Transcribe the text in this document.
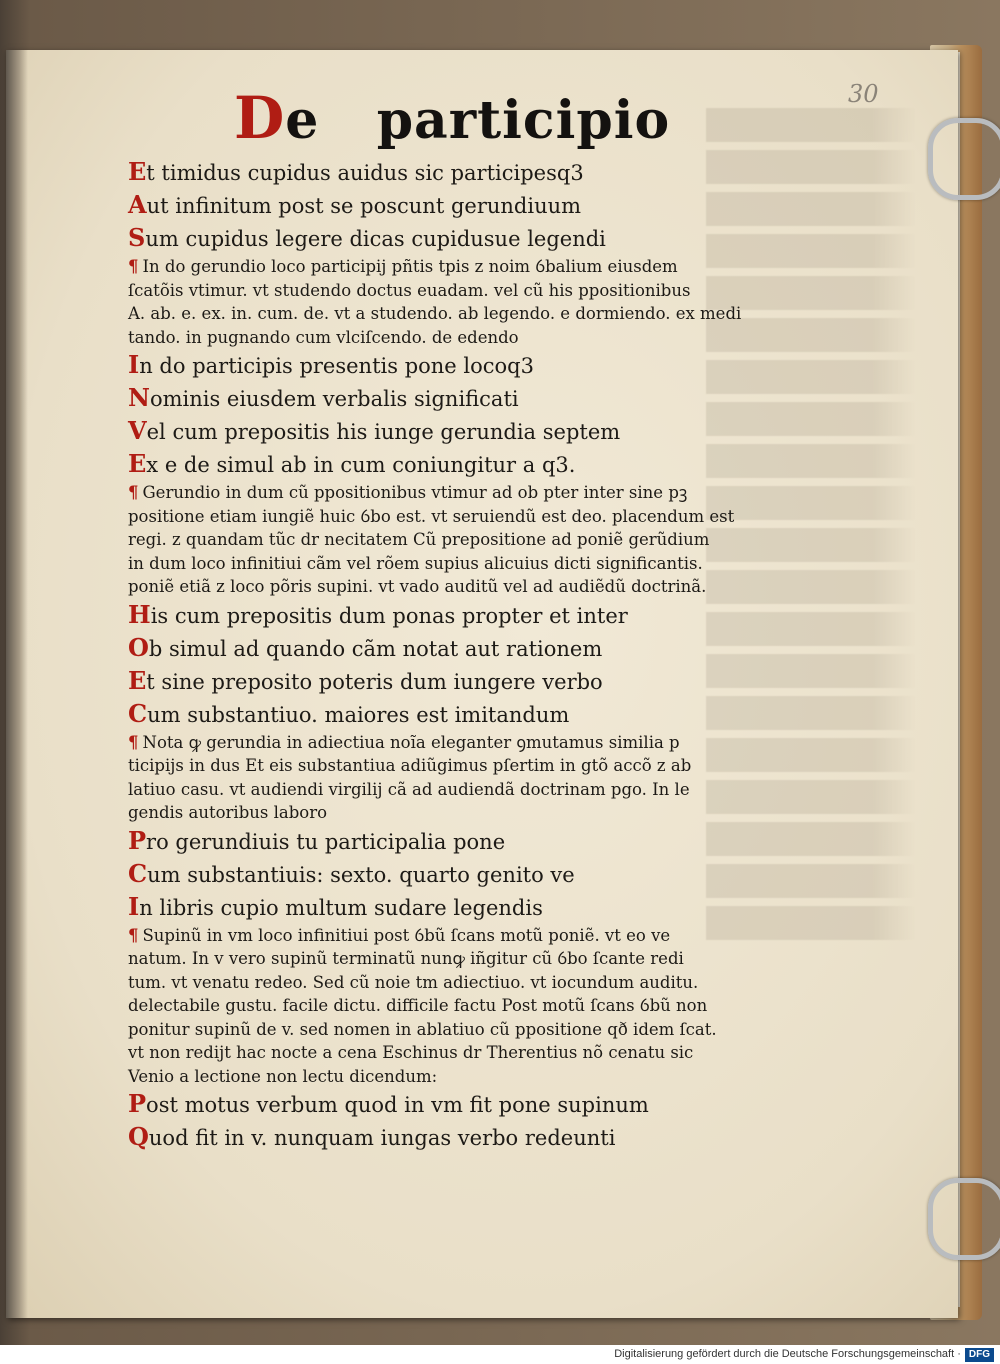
30
De   participio
Et timidus cupidus auidus sic participesq3
Aut infinitum post se poscunt gerundiuum
Sum cupidus legere dicas cupidusue legendi
¶ In do gerundio loco participij pñtis tpis z noim ỽbalium eiusdem
ſcatõis vtimur. vt studendo doctus euadam. vel cũ his ppositionibus
A. ab. e. ex. in. cum. de. vt a studendo. ab legendo. e dormiendo. ex medi
tando. in pugnando cum vlciſcendo. de edendo
In do participis presentis pone locoq3
Nominis eiusdem verbalis significati
Vel cum prepositis his iunge gerundia septem
Ex e de simul ab in cum coniungitur a q3.
¶ Gerundio in dum cũ ppositionibus vtimur ad ob pter inter sine pꝫ
positione etiam iungiẽ huic ỽbo est. vt seruiendũ est deo. placendum est
regi. z quandam tũc dr necitatem Cũ prepositione ad poniẽ gerũdium
in dum loco infinitiui cãm vel rõem supius alicuius dicti significantis.
poniẽ etiã z loco põris supini. vt vado auditũ vel ad audiẽdũ doctrinã.
His cum prepositis dum ponas propter et inter
Ob simul ad quando cãm notat aut rationem
Et sine preposito poteris dum iungere verbo
Cum substantiuo. maiores est imitandum
¶ Nota ꝙ gerundia in adiectiua noĩa eleganter ꝯmutamus similia p
ticipijs in dus Et eis substantiua adiũgimus pſertim in gtõ accõ z ab
latiuo casu. vt audiendi virgilij cã ad audiendã doctrinam pgo. In le
gendis autoribus laboro
Pro gerundiuis tu participalia pone
Cum substantiuis: sexto. quarto genito ve
In libris cupio multum sudare legendis
¶ Supinũ in vm loco infinitiui post ỽbũ ſcans motũ poniẽ. vt eo ve
natum. In v vero supinũ terminatũ nunꝙ iñgitur cũ ỽbo ſcante redi
tum. vt venatu redeo. Sed cũ noie tm adiectiuo. vt iocundum auditu.
delectabile gustu. facile dictu. difficile factu Post motũ ſcans ỽbũ non
ponitur supinũ de v. sed nomen in ablatiuo cũ ppositione qð idem ſcat.
vt non redijt hac nocte a cena Eschinus dr Therentius nõ cenatu sic
Venio a lectione non lectu dicendum:
Post motus verbum quod in vm fit pone supinum
Quod fit in v. nunquam iungas verbo redeunti
Digitalisierung gefördert durch die Deutsche Forschungsgemeinschaft · DFG
